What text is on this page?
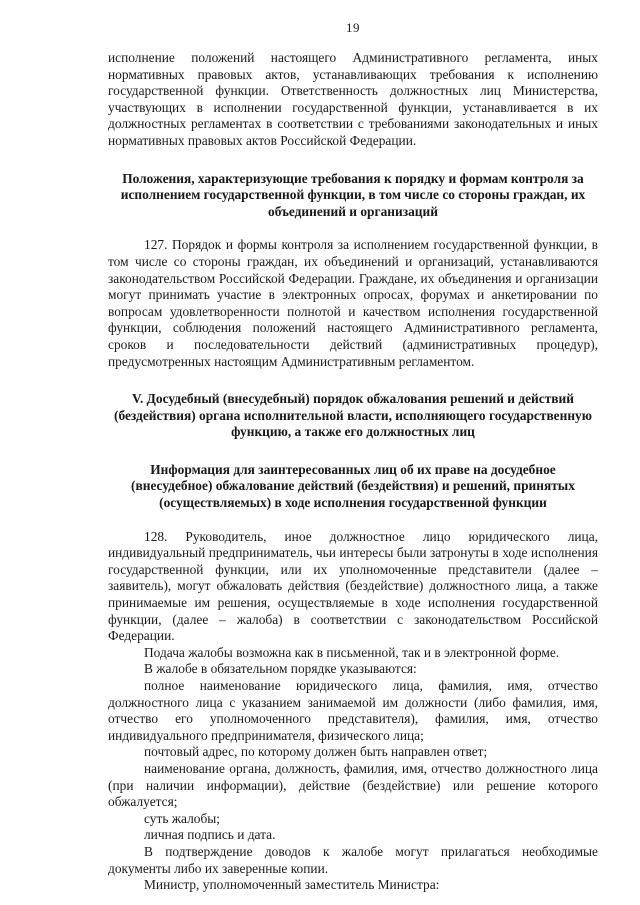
19

исполнение положений настоящего Административного регламента, иных нормативных правовых актов, устанавливающих требования к исполнению государственной функции. Ответственность должностных лиц Министерства, участвующих в исполнении государственной функции, устанавливается в их должностных регламентах в соответствии с требованиями законодательных и иных нормативных правовых актов Российской Федерации.

Положения, характеризующие требования к порядку и формам контроля за исполнением государственной функции, в том числе со стороны граждан, их объединений и организаций

127. Порядок и формы контроля за исполнением государственной функции, в том числе со стороны граждан, их объединений и организаций, устанавливаются законодательством Российской Федерации. Граждане, их объединения и организации могут принимать участие в электронных опросах, форумах и анкетировании по вопросам удовлетворенности полнотой и качеством исполнения государственной функции, соблюдения положений настоящего Административного регламента, сроков и последовательности действий (административных процедур), предусмотренных настоящим Административным регламентом.

V. Досудебный (внесудебный) порядок обжалования решений и действий (бездействия) органа исполнительной власти, исполняющего государственную функцию, а также его должностных лиц

Информация для заинтересованных лиц об их праве на досудебное (внесудебное) обжалование действий (бездействия) и решений, принятых (осуществляемых) в ходе исполнения государственной функции

128. Руководитель, иное должностное лицо юридического лица, индивидуальный предприниматель, чьи интересы были затронуты в ходе исполнения государственной функции, или их уполномоченные представители (далее – заявитель), могут обжаловать действия (бездействие) должностного лица, а также принимаемые им решения, осуществляемые в ходе исполнения государственной функции, (далее – жалоба) в соответствии с законодательством Российской Федерации.

Подача жалобы возможна как в письменной, так и в электронной форме.

В жалобе в обязательном порядке указываются:

полное наименование юридического лица, фамилия, имя, отчество должностного лица с указанием занимаемой им должности (либо фамилия, имя, отчество его уполномоченного представителя), фамилия, имя, отчество индивидуального предпринимателя, физического лица;

почтовый адрес, по которому должен быть направлен ответ;

наименование органа, должность, фамилия, имя, отчество должностного лица (при наличии информации), действие (бездействие) или решение которого обжалуется;

суть жалобы;

личная подпись и дата.

В подтверждение доводов к жалобе могут прилагаться необходимые документы либо их заверенные копии.

Министр, уполномоченный заместитель Министра:
